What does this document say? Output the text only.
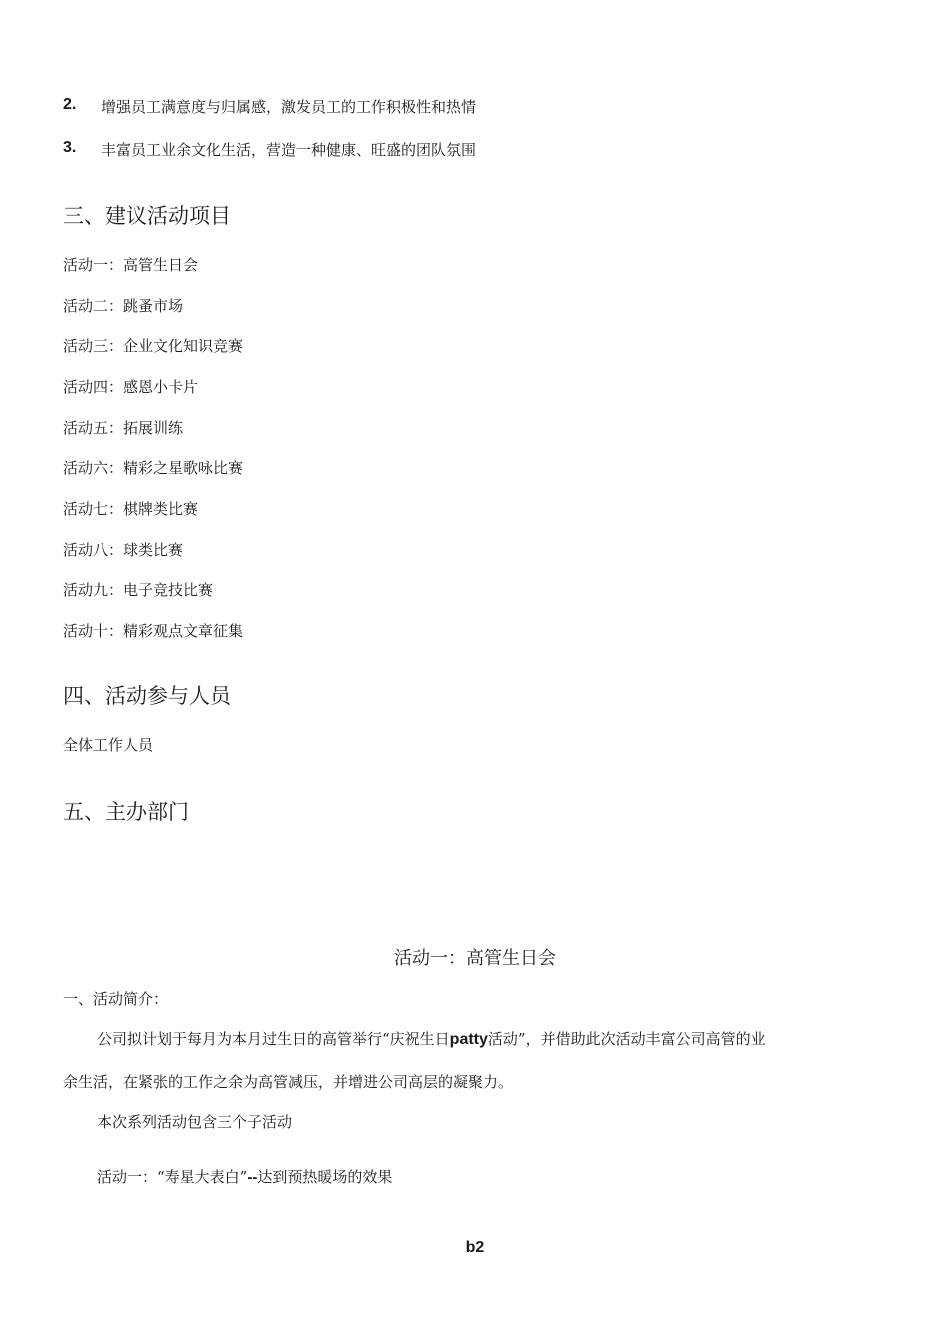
2. 增强员工满意度与归属感，激发员工的工作积极性和热情
3. 丰富员工业余文化生活，营造一种健康、旺盛的团队氛围
三、建议活动项目
活动一：高管生日会
活动二：跳蚤市场
活动三：企业文化知识竞赛
活动四：感恩小卡片
活动五：拓展训练
活动六：精彩之星歌咏比赛
活动七：棋牌类比赛
活动八：球类比赛
活动九：电子竞技比赛
活动十：精彩观点文章征集
四、活动参与人员
全体工作人员
五、主办部门
活动一：高管生日会
一、活动简介：
公司拟计划于每月为本月过生日的高管举行“庆祝生日patty活动”，并借助此次活动丰富公司高管的业
余生活，在紧张的工作之余为高管减压，并增进公司高层的凝聚力。
本次系列活动包含三个子活动
活动一：“寿星大表白”--达到预热暖场的效果
b2
